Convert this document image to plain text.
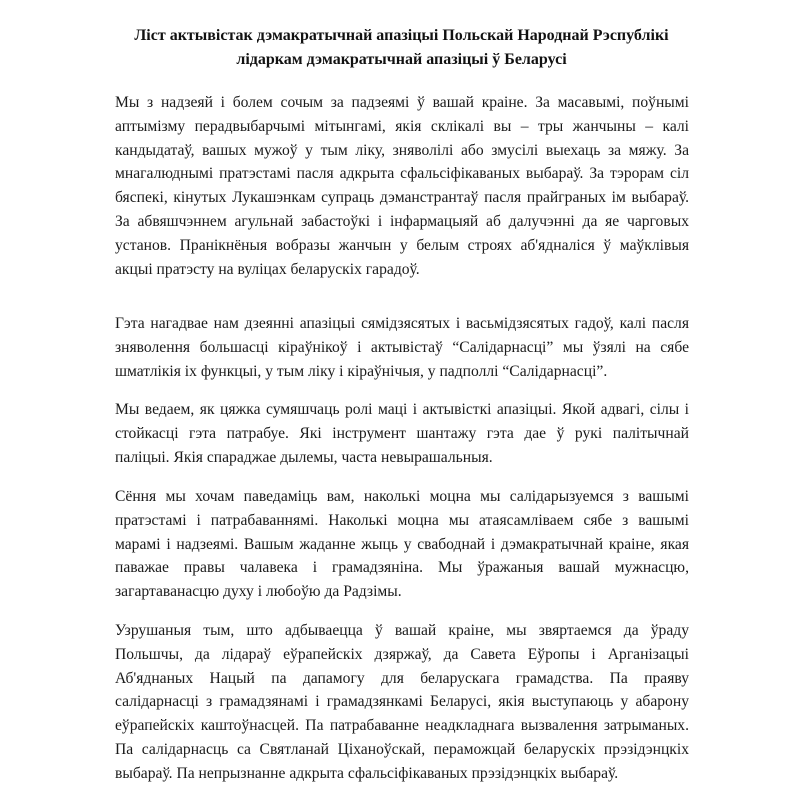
Ліст актывістак дэмакратычнай апазіцыі Польскай Народнай Рэспублікі
лідаркам дэмакратычнай апазіцыі ў Беларусі

Мы з надзеяй і болем сочым за падзеямі ў вашай краіне. За масавымі, поўнымі
аптымізму перадвыбарчымі мітынгамі, якія склікалі вы – тры жанчыны – калі
кандыдатаў, вашых мужоў у тым ліку, зняволілі або змусілі выехаць за мяжу. За
мнагалюднымі пратэстамі пасля адкрыта сфальсіфікаваных выбараў. За тэрорам сіл
бяспекі, кінутых Лукашэнкам супраць дэманстрантаў пасля прайграных ім выбараў.
За абвяшчэннем агульнай забастоўкі і інфармацыяй аб далучэнні да яе чарговых
установ. Пранікнёныя вобразы жанчын у белым строях аб'ядналіся ў маўклівыя
акцыі пратэсту на вуліцах беларускіх гарадоў.

Гэта нагадвае нам дзеянні апазіцыі сямідзясятых і васьмідзясятых гадоў, калі пасля
зняволення большасці кіраўнікоў і актывістаў “Салідарнасці” мы ўзялі на сябе
шматлікія іх функцыі, у тым ліку і кіраўнічыя, у падполлі “Салідарнасці”.

Мы ведаем, як цяжка сумяшчаць ролі маці і актывісткі апазіцыі. Якой адвагі, сілы і
стойкасці гэта патрабуе. Які інструмент шантажу гэта дае ў рукі палітычнай
паліцыі. Якія спараджае дылемы, часта невырашальныя.

Сёння мы хочам паведаміць вам, наколькі моцна мы салідарызуемся з вашымі
пратэстамі і патрабаваннямі. Наколькі моцна мы атаясамліваем сябе з вашымі
марамі і надзеямі. Вашым жаданне жыць у свабоднай і дэмакратычнай краіне, якая
паважае правы чалавека і грамадзяніна. Мы ўражаныя вашай мужнасцю,
загартаванасцю духу і любоўю да Радзімы.

Узрушаныя тым, што адбываецца ў вашай краіне, мы звяртаемся да ўраду
Польшчы, да лідараў еўрапейскіх дзяржаў, да Савета Еўропы і Арганізацыі
Аб'яднаных Нацый па дапамогу для беларускага грамадства. Па праяву
салідарнасці з грамадзянамі і грамадзянкамі Беларусі, якія выступаюць у абарону
еўрапейскіх каштоўнасцей. Па патрабаванне неадкладнага вызвалення затрыманых.
Па салідарнасць са Святланай Ціханоўскай, пераможцай беларускіх прэзідэнцкіх
выбараў. Па непрызнанне адкрыта сфальсіфікаваных прэзідэнцкіх выбараў.
